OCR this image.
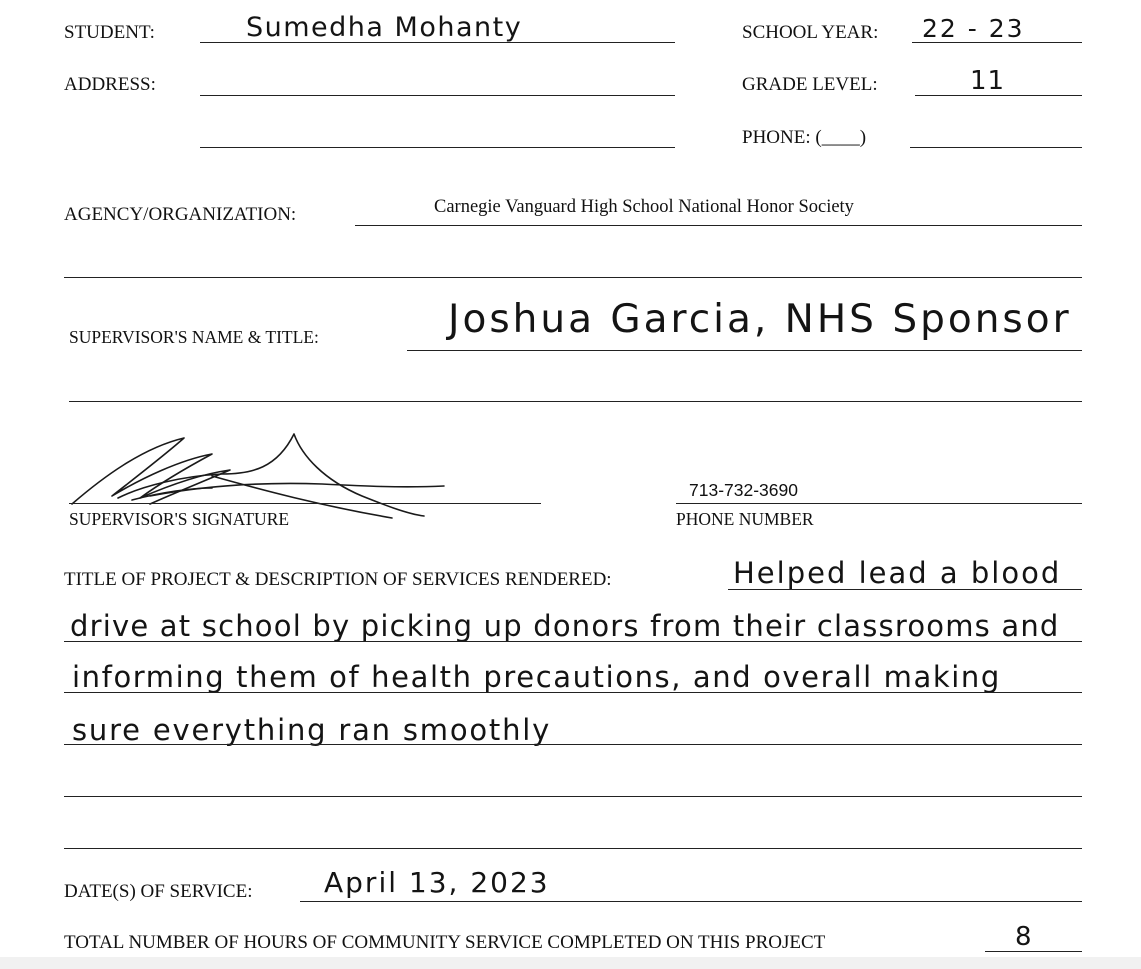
STUDENT:	Sumedha Mohanty	SCHOOL YEAR: 22 - 23
ADDRESS:	GRADE LEVEL:	11
PHONE: (____)
AGENCY/ORGANIZATION:	Carnegie Vanguard High School National Honor Society
SUPERVISOR'S NAME & TITLE:	Joshua Garcia, NHS Sponsor
SUPERVISOR'S SIGNATURE
713-732-3690
PHONE NUMBER
TITLE OF PROJECT & DESCRIPTION OF SERVICES RENDERED:	Helped lead a blood
drive at school by picking up donors from their classrooms and
informing them of health precautions, and overall making
sure everything ran smoothly
DATE(S) OF SERVICE:	April 13, 2023
TOTAL NUMBER OF HOURS OF COMMUNITY SERVICE COMPLETED ON THIS PROJECT	8
